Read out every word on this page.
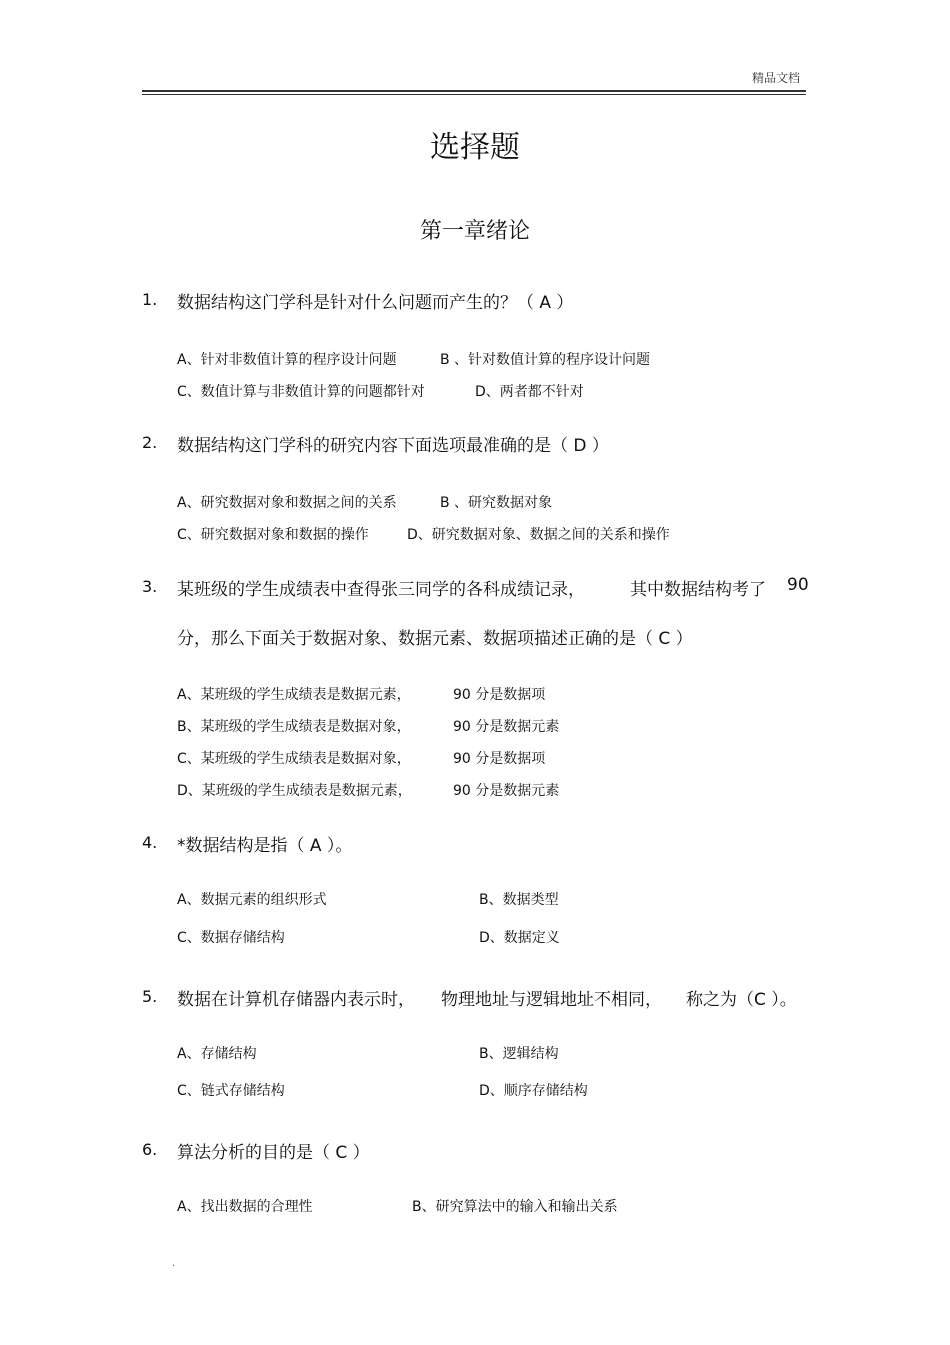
精品文档
选择题
第一章绪论
1. 数据结构这门学科是针对什么问题而产生的？（ A ）
A、针对非数值计算的程序设计问题	B 、针对数值计算的程序设计问题
C、数值计算与非数值计算的问题都针对	D、两者都不针对
2. 数据结构这门学科的研究内容下面选项最准确的是（ D ）
A、研究数据对象和数据之间的关系	B 、研究数据对象
C、研究数据对象和数据的操作	D、研究数据对象、数据之间的关系和操作
3. 某班级的学生成绩表中查得张三同学的各科成绩记录，	其中数据结构考了 90
分，那么下面关于数据对象、数据元素、数据项描述正确的是（ C ）
A、某班级的学生成绩表是数据元素，	90 分是数据项
B、某班级的学生成绩表是数据对象，	90 分是数据元素
C、某班级的学生成绩表是数据对象，	90 分是数据项
D、某班级的学生成绩表是数据元素，	90 分是数据元素
4. *数据结构是指（ A ）。
A、数据元素的组织形式	B、数据类型
C、数据存储结构	D、数据定义
5. 数据在计算机存储器内表示时， 物理地址与逻辑地址不相同， 称之为（C ）。
A、存储结构	B、逻辑结构
C、链式存储结构	D、顺序存储结构
6. 算法分析的目的是（ C ）
A、找出数据的合理性	B、研究算法中的输入和输出关系
.
